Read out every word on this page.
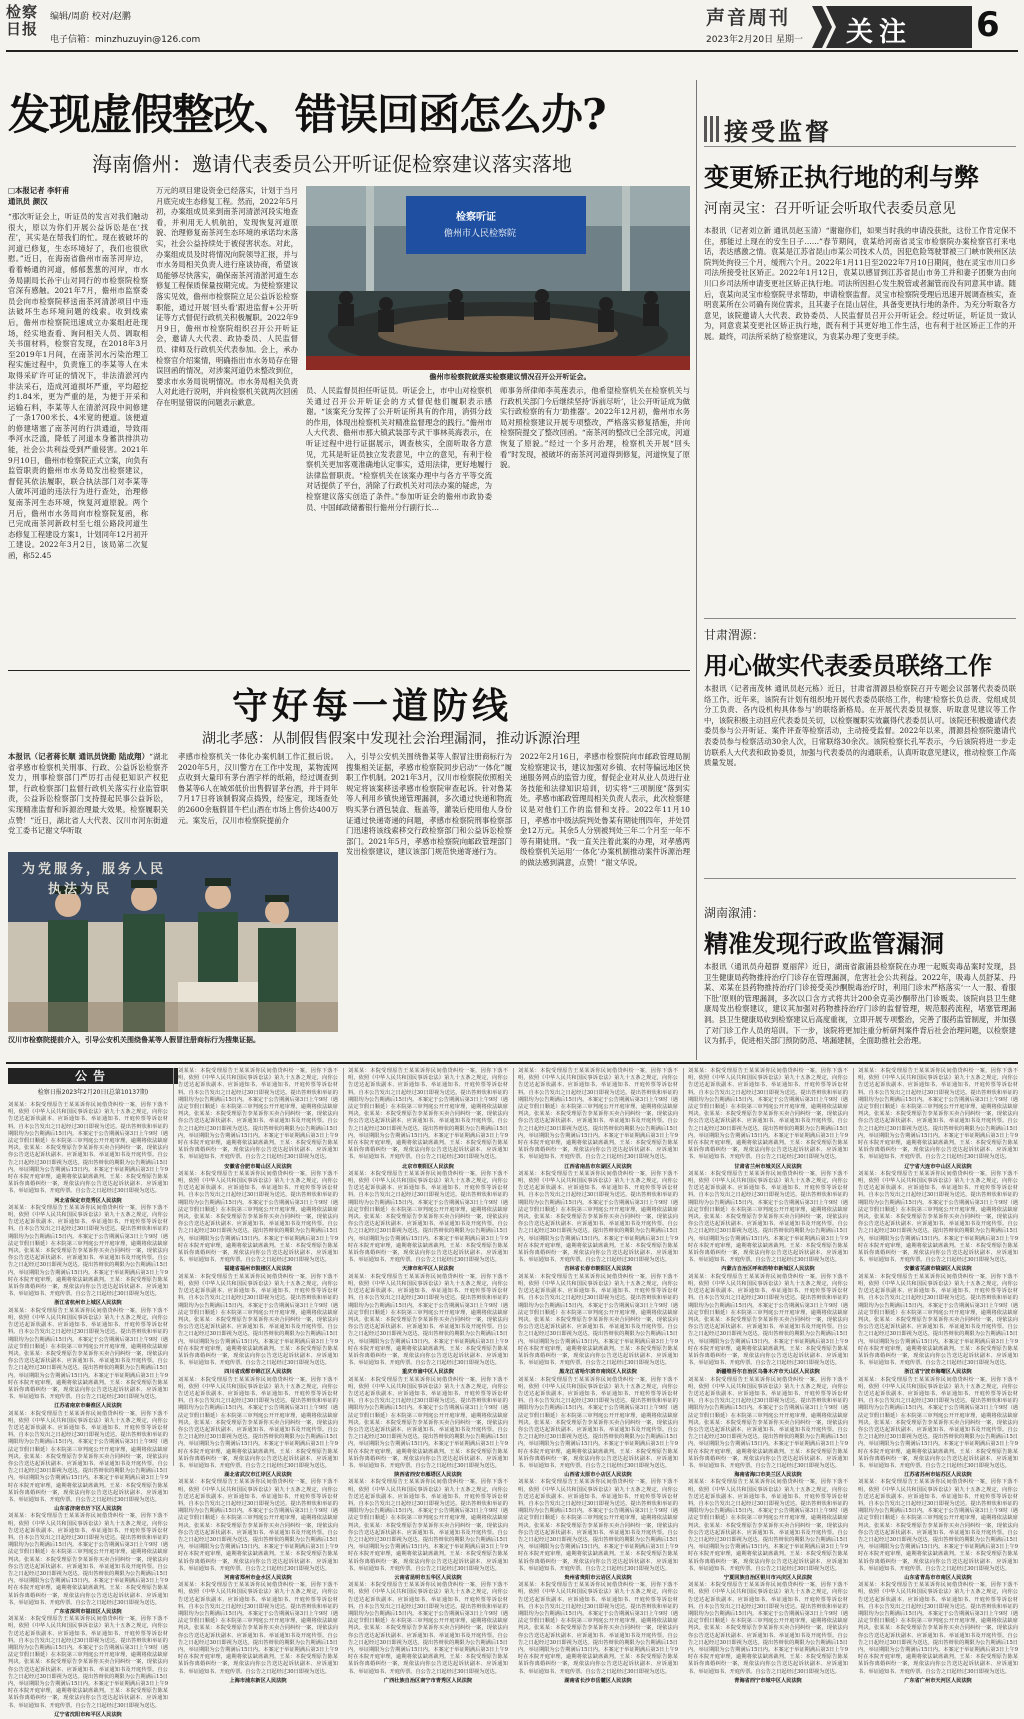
检察日报
编辑/周蔚 校对/赵鹏
电子信箱：minzhuzuyin@126.com
声音周刊
2023年2月20日 星期一 关注 6
发现虚假整改、错误回函怎么办?
海南儋州：邀请代表委员公开听证促检察建议落实落地
□本报记者 李轩甫
通讯员 颜汉
“那次听证会上，听证员的发言对我们触动很大，原以为你们开展公益诉讼是在‘找茬’，其实是在帮我们的忙。现在被破坏的河道已修复，生态环境好了，我们也很欣慰。”近日，在海南省儋州市南茶河岸边，看着畅通的河道，郁郁葱葱的河岸，市水务局副局长孙宇山对同行的市检察院检察官深有感触。2021年7月，儋州市监察委员会向市检察院移送南茶河清淤项目中违法破坏生态环境问题的线索。收到线索后，儋州市检察院迅速成立办案组赶赴现场，经实地查看、询问相关人员、调取相关书面材料，检察官发现，在2018年3月至2019年1月间，在南茶河水污染治理工程实施过程中，负责施工的李某等人在未取得采矿许可证的情况下，非法清淤河内非法采石，造成河道损坏严重，平均超挖约1.84米，更为严重的是，为便于开采和运输石料，李某等人在清淤河段中间修建了一条1700米长、4米宽的便道。该便道的修建堵塞了南茶河的行洪通道，导致雨季河水泛滥，降低了河道本身蓄洪排洪功能，社会公共利益受到严重侵害。2021年9月10日，儋州市检察院正式立案，向负有监管职责的儋州市水务局发出检察建议，督促其依法履职，联合执法部门对李某等人破坏河道的违法行为进行查处，治理修复南茶河生态环境，恢复河道原貌。两个月后，儋州市水务局向市检察院复函，称已完成南茶河新政村至七组公路段河道生态修复工程建设方案1，计划同年12月初开工建设。2022年3月2日，该局第二次复函，称52.45
万元的项目建设资金已经落实，计划于当月月底完成生态修复工程。然而，2022年5月初，办案组成员来到南茶河清淤河段实地查看，并利用无人机航拍，发现恢复河道原貌、治理修复南茶河生态环境的承诺均未落实，社会公益持续处于被侵害状态。对此，办案组成员及时将情况向院领导汇报，并与市水务局相关负责人进行座谈协商，希望该局能够尽快落实，确保南茶河清淤河道生态修复工程保质保量按期完成。为使检察建议落实见效，儋州市检察院立足公益诉讼检察职能，通过开展‘回头看’跟进监督+公开听证等方式督促行政机关积极履职。2022年9月9日，儋州市检察院组织召开公开听证会，邀请人大代表、政协委员、人民监督员、律师及行政机关代表参加。会上，承办检察官介绍案情，明确指出市水务局存在错误回函的情况，对涉案河道仍未整改到位，要求市水务局说明情况。市水务局相关负责人对此进行说明，并向检察机关就两次回函存在明显错误的问题表示歉意。
检察听证
儋州市人民检察院
儋州市检察院就落实检察建议情况召开公开听证会。
员、人民监督员担任听证员。听证会上，市中山对检察机关通过召开公开听证会的方式督促他们履职表示感谢。“该案充分发挥了公开听证所具有的作用，消弭分歧的作用，体现出检察机关对精准监督理念的践行。”儋州市人大代表、儋州市那大镇武装部专武干事林英海表示，在听证过程中进行证据展示，调查核实，全面听取各方意见，尤其是听证员独立发表意见，中立的意见，有利于检察机关更加客观准确地认定事实，适用法律，更好地履行法律监督职责。“检察机关在该案办理中与各方平等交流对话提供了平台，消除了行政机关对司法办案的疑虑，为检察建议落实创造了条件。”参加听证会的儋州市政协委员、中国邮政储蓄银行儋州分行副行长…
师事务所律师李英莲表示，他希望检察机关在检察机关与行政机关部门今后继续坚持‘诉前尽听’，让公开听证成为做实行政检察的有力‘助推器’。2022年12月初，儋州市水务局对照检察建议开展专项整改，严格落实修复措施，并向检察院提交了整改回函。“南茶河的整改已全部完成，河道恢复了原貌。”经过一个多月治理，检察机关开展“回头看”时发现，被破坏的南茶河河道得到修复，河道恢复了原貌。
守好每一道防线
湖北孝感：从制假售假案中发现社会治理漏洞，推动诉源治理
本报讯（记者蒋长顺 通讯员饶勤 陆成翔）“湖北省孝感市检察机关刑事、行政、公益诉讼检察齐发力，刑事检察部门严厉打击侵犯知识产权犯罪，行政检察部门监督行政机关落实行业监管职责，公益诉讼检察部门支持提起民事公益诉讼，实现精准监督和诉源治理最大效果。检察履职关点赞！”近日，湖北省人大代表、汉川市河东街道党工委书记谢文华听取
孝感市检察机关一体化办案机制工作汇报后说。2020年5月，汉川警方在工作中发现，某物流网点收到大量印有茅台酒字样的纸箱，经过调查到鲁某等6人在城郊低价出售假冒茅台酒，并于同年7月17日将该制假窝点捣毁，经鉴定，现场查处的2600余瓶假冒牛栏山酒在市场上售价达400万元。案发后，汉川市检察院提前介
为党服务，服务人民
执法为民
汉川市检察院提前介入，引导公安机关围绕鲁某等人假冒注册商标行为搜集证据。
入，引导公安机关围绕鲁某等人假冒注册商标行为搜集相关证据，孝感市检察院同步启动“一体化”履职工作机制。2021年3月，汉川市检察院依照相关规定将该案移送孝感市检察院审查起诉。针对鲁某等人利用乡镇快递管理漏洞，多次通过快递和物流购买茅台酒包装盒、瓶盖等，灌装后使用他人身份证通过快递寄递的问题，孝感市检察院刑事检察部门迅速将该线索移交行政检察部门和公益诉讼检察部门。2021年5月，孝感市检察院向邮政管理部门发出检察建议，建议该部门规范快递寄递行为。
2022年2月16日，孝感市检察院向市邮政管理局制发检察建议书，建议加强对乡镇、农村等偏远地区快递服务网点的监管力度，督促企业对从业人员进行业务技能和法律知识培训，切实将“三项制度”落到实处。孝感市邮政管理局相关负责人表示，此次检察建议是对他们工作的监督和支持。2022年11月10日，孝感市中级法院判处鲁某有期徒刑四年，并处罚金12万元。其余5人分别被判处三年二个月至一年不等有期徒刑。“我一直关注着此案的办理，对孝感两级检察机关运用‘一体化’办案机制推动案件诉源治理的做法感到满意，点赞！”谢文华说。
接受监督
变更矫正执行地的利与弊
河南灵宝：召开听证会听取代表委员意见
本报讯（记者刘立新 通讯员赵玉清）“谢谢你们，如果当时我的申请没获批，这份工作肯定保不住，那能过上现在的安生日子……”春节期间，袁某给河南省灵宝市检察院办案检察官打来电话，表达感激之情。袁某是江苏省昆山市某公司技术人员，因犯危险驾驶罪被三门峡市陕州区法院判处拘役三个月，缓刑六个月。2022年1月11日至2022年7月10日期间，他在灵宝市川口乡司法所接受社区矫正。2022年1月12日，袁某以感冒到江苏省昆山市务工并和妻子团聚为由向川口乡司法所申请变更社区矫正执行地。司法所因担心发生脱管或者漏管而没有同意其申请。随后，袁某向灵宝市检察院寻求帮助，申请检察监督。灵宝市检察院受理后迅速开展调查核实，查明袁某所在公司确有岗位需求，且其妻子在昆山居住，具备变更执行地的条件。为充分听取各方意见，该院邀请人大代表、政协委员、人民监督员召开公开听证会。经过听证，听证员一致认为，同意袁某变更社区矫正执行地，既有利于其更好地工作生活，也有利于社区矫正工作的开展。最终，司法所采纳了检察建议，为袁某办理了变更手续。
甘肃渭源：
用心做实代表委员联络工作
本报讯（记者南茂林 通讯员赵元栋）近日，甘肃省渭源县检察院召开专题会议部署代表委员联络工作。近年来，该院有计划有组织地开展代表委员联络工作，构建‘检察长负总责、党组成员分工负责、各内设机构具体参与’的联络新格局。在开展代表委员视察、听取意见建议等工作中，该院积极主动回应代表委员关切，以检察履职实效赢得代表委员认可。该院还积极邀请代表委员参与公开听证、案件评查等检察活动，主动接受监督。2022年以来，渭源县检察院邀请代表委员参与检察活动30余人次，日常联络30余次。该院检察长孔军表示，今后该院将进一步走访联系人大代表和政协委员，加强与代表委员的沟通联系，认真听取意见建议，推动检察工作高质量发展。
湖南溆浦：
精准发现行政监管漏洞
本报讯（通讯员舟超群 夏丽萍）近日，湖南省溆浦县检察院在办理一起贩卖毒品案时发现，县卫生健康局药物推持治疗门诊存在管理漏洞，危害社会公共利益。2022年，吸毒人员舒某、丹某、邓某在县药物推持治疗门诊接受美沙酮脱毒治疗时，利用门诊未严格落实‘一人一服、看服下肚’原则的管理漏洞，多次以口含方式将共计200余克美沙酮带出门诊贩卖。该院向县卫生健康局发出检察建议，建议其加强对药物推持治疗门诊的监督管理，规范服药流程，堵塞管理漏洞。县卫生健康局收到检察建议后高度重视，立即开展专项整治，完善了服药监管制度，并加强了对门诊工作人员的培训。下一步，该院将更加注重分析研判案件背后社会治理问题，以检察建议为抓手，促进相关部门预防防范、堵漏建制，全面助推社会治理。
公告
检察日报2023年2月20日(总第10137期)
刘某某：本院受理原告王某某诉你民间借贷纠纷一案，因你下落不明，依照《中华人民共和国民事诉讼法》第九十五条之规定，向你公告送达起诉状副本、应诉通知书、举证通知书、开庭传票等诉讼材料。自本公告发出之日起经过30日即视为送达。提出答辩状和举证的期限均为公告期满后15日内。本案定于公告期满后第3日上午9时（遇法定节假日顺延）在本院第三审判庭公开开庭审理，逾期将依法缺席判决。张某某：本院受理原告李某诉你买卖合同纠纷一案，现依法向你公告送达起诉状副本、应诉通知书、举证通知书及开庭传票。自公告之日起经过30日即视为送达。提出答辩状的期限为公告期满后15日内，举证期限为公告期满后15日内。本案定于举证期满后第3日上午9时在本院开庭审理，逾期将依法缺席裁判。王某：本院受理原告陈某某诉你离婚纠纷一案，现依法向你公告送达起诉状副本、应诉通知书、举证通知书、开庭传票。自公告之日起经过30日即视为送达。
河北省保定市竞秀区人民法院
刘某某：本院受理原告王某某诉你民间借贷纠纷一案，因你下落不明，依照《中华人民共和国民事诉讼法》第九十五条之规定，向你公告送达起诉状副本、应诉通知书、举证通知书、开庭传票等诉讼材料。自本公告发出之日起经过30日即视为送达。提出答辩状和举证的期限均为公告期满后15日内。本案定于公告期满后第3日上午9时（遇法定节假日顺延）在本院第三审判庭公开开庭审理，逾期将依法缺席判决。张某某：本院受理原告李某诉你买卖合同纠纷一案，现依法向你公告送达起诉状副本、应诉通知书、举证通知书及开庭传票。自公告之日起经过30日即视为送达。提出答辩状的期限为公告期满后15日内，举证期限为公告期满后15日内。本案定于举证期满后第3日上午9时在本院开庭审理，逾期将依法缺席裁判。王某：本院受理原告陈某某诉你离婚纠纷一案，现依法向你公告送达起诉状副本、应诉通知书、举证通知书、开庭传票。自公告之日起经过30日即视为送达。
浙江省杭州市上城区人民法院
刘某某：本院受理原告王某某诉你民间借贷纠纷一案，因你下落不明，依照《中华人民共和国民事诉讼法》第九十五条之规定，向你公告送达起诉状副本、应诉通知书、举证通知书、开庭传票等诉讼材料。自本公告发出之日起经过30日即视为送达。提出答辩状和举证的期限均为公告期满后15日内。本案定于公告期满后第3日上午9时（遇法定节假日顺延）在本院第三审判庭公开开庭审理，逾期将依法缺席判决。张某某：本院受理原告李某诉你买卖合同纠纷一案，现依法向你公告送达起诉状副本、应诉通知书、举证通知书及开庭传票。自公告之日起经过30日即视为送达。提出答辩状的期限为公告期满后15日内，举证期限为公告期满后15日内。本案定于举证期满后第3日上午9时在本院开庭审理，逾期将依法缺席裁判。王某：本院受理原告陈某某诉你离婚纠纷一案，现依法向你公告送达起诉状副本、应诉通知书、举证通知书、开庭传票。自公告之日起经过30日即视为送达。
江苏省南京市秦淮区人民法院
刘某某：本院受理原告王某某诉你民间借贷纠纷一案，因你下落不明，依照《中华人民共和国民事诉讼法》第九十五条之规定，向你公告送达起诉状副本、应诉通知书、举证通知书、开庭传票等诉讼材料。自本公告发出之日起经过30日即视为送达。提出答辩状和举证的期限均为公告期满后15日内。本案定于公告期满后第3日上午9时（遇法定节假日顺延）在本院第三审判庭公开开庭审理，逾期将依法缺席判决。张某某：本院受理原告李某诉你买卖合同纠纷一案，现依法向你公告送达起诉状副本、应诉通知书、举证通知书及开庭传票。自公告之日起经过30日即视为送达。提出答辩状的期限为公告期满后15日内，举证期限为公告期满后15日内。本案定于举证期满后第3日上午9时在本院开庭审理，逾期将依法缺席裁判。王某：本院受理原告陈某某诉你离婚纠纷一案，现依法向你公告送达起诉状副本、应诉通知书、举证通知书、开庭传票。自公告之日起经过30日即视为送达。
山东省济南市历下区人民法院
刘某某：本院受理原告王某某诉你民间借贷纠纷一案，因你下落不明，依照《中华人民共和国民事诉讼法》第九十五条之规定，向你公告送达起诉状副本、应诉通知书、举证通知书、开庭传票等诉讼材料。自本公告发出之日起经过30日即视为送达。提出答辩状和举证的期限均为公告期满后15日内。本案定于公告期满后第3日上午9时（遇法定节假日顺延）在本院第三审判庭公开开庭审理，逾期将依法缺席判决。张某某：本院受理原告李某诉你买卖合同纠纷一案，现依法向你公告送达起诉状副本、应诉通知书、举证通知书及开庭传票。自公告之日起经过30日即视为送达。提出答辩状的期限为公告期满后15日内，举证期限为公告期满后15日内。本案定于举证期满后第3日上午9时在本院开庭审理，逾期将依法缺席裁判。王某：本院受理原告陈某某诉你离婚纠纷一案，现依法向你公告送达起诉状副本、应诉通知书、举证通知书、开庭传票。自公告之日起经过30日即视为送达。
广东省深圳市福田区人民法院
刘某某：本院受理原告王某某诉你民间借贷纠纷一案，因你下落不明，依照《中华人民共和国民事诉讼法》第九十五条之规定，向你公告送达起诉状副本、应诉通知书、举证通知书、开庭传票等诉讼材料。自本公告发出之日起经过30日即视为送达。提出答辩状和举证的期限均为公告期满后15日内。本案定于公告期满后第3日上午9时（遇法定节假日顺延）在本院第三审判庭公开开庭审理，逾期将依法缺席判决。张某某：本院受理原告李某诉你买卖合同纠纷一案，现依法向你公告送达起诉状副本、应诉通知书、举证通知书及开庭传票。自公告之日起经过30日即视为送达。提出答辩状的期限为公告期满后15日内，举证期限为公告期满后15日内。本案定于举证期满后第3日上午9时在本院开庭审理，逾期将依法缺席裁判。王某：本院受理原告陈某某诉你离婚纠纷一案，现依法向你公告送达起诉状副本、应诉通知书、举证通知书、开庭传票。自公告之日起经过30日即视为送达。
辽宁省沈阳市和平区人民法院
刘某某：本院受理原告王某某诉你民间借贷纠纷一案，因你下落不明，依照《中华人民共和国民事诉讼法》第九十五条之规定，向你公告送达起诉状副本、应诉通知书、举证通知书、开庭传票等诉讼材料。自本公告发出之日起经过30日即视为送达。提出答辩状和举证的期限均为公告期满后15日内。本案定于公告期满后第3日上午9时（遇法定节假日顺延）在本院第三审判庭公开开庭审理，逾期将依法缺席判决。张某某：本院受理原告李某诉你买卖合同纠纷一案，现依法向你公告送达起诉状副本、应诉通知书、举证通知书及开庭传票。自公告之日起经过30日即视为送达。提出答辩状的期限为公告期满后15日内，举证期限为公告期满后15日内。本案定于举证期满后第3日上午9时在本院开庭审理，逾期将依法缺席裁判。王某：本院受理原告陈某某诉你离婚纠纷一案，现依法向你公告送达起诉状副本、应诉通知书、举证通知书、开庭传票。自公告之日起经过30日即视为送达。
安徽省合肥市蜀山区人民法院
刘某某：本院受理原告王某某诉你民间借贷纠纷一案，因你下落不明，依照《中华人民共和国民事诉讼法》第九十五条之规定，向你公告送达起诉状副本、应诉通知书、举证通知书、开庭传票等诉讼材料。自本公告发出之日起经过30日即视为送达。提出答辩状和举证的期限均为公告期满后15日内。本案定于公告期满后第3日上午9时（遇法定节假日顺延）在本院第三审判庭公开开庭审理，逾期将依法缺席判决。张某某：本院受理原告李某诉你买卖合同纠纷一案，现依法向你公告送达起诉状副本、应诉通知书、举证通知书及开庭传票。自公告之日起经过30日即视为送达。提出答辩状的期限为公告期满后15日内，举证期限为公告期满后15日内。本案定于举证期满后第3日上午9时在本院开庭审理，逾期将依法缺席裁判。王某：本院受理原告陈某某诉你离婚纠纷一案，现依法向你公告送达起诉状副本、应诉通知书、举证通知书、开庭传票。自公告之日起经过30日即视为送达。
福建省福州市鼓楼区人民法院
刘某某：本院受理原告王某某诉你民间借贷纠纷一案，因你下落不明，依照《中华人民共和国民事诉讼法》第九十五条之规定，向你公告送达起诉状副本、应诉通知书、举证通知书、开庭传票等诉讼材料。自本公告发出之日起经过30日即视为送达。提出答辩状和举证的期限均为公告期满后15日内。本案定于公告期满后第3日上午9时（遇法定节假日顺延）在本院第三审判庭公开开庭审理，逾期将依法缺席判决。张某某：本院受理原告李某诉你买卖合同纠纷一案，现依法向你公告送达起诉状副本、应诉通知书、举证通知书及开庭传票。自公告之日起经过30日即视为送达。提出答辩状的期限为公告期满后15日内，举证期限为公告期满后15日内。本案定于举证期满后第3日上午9时在本院开庭审理，逾期将依法缺席裁判。王某：本院受理原告陈某某诉你离婚纠纷一案，现依法向你公告送达起诉状副本、应诉通知书、举证通知书、开庭传票。自公告之日起经过30日即视为送达。
四川省成都市锦江区人民法院
刘某某：本院受理原告王某某诉你民间借贷纠纷一案，因你下落不明，依照《中华人民共和国民事诉讼法》第九十五条之规定，向你公告送达起诉状副本、应诉通知书、举证通知书、开庭传票等诉讼材料。自本公告发出之日起经过30日即视为送达。提出答辩状和举证的期限均为公告期满后15日内。本案定于公告期满后第3日上午9时（遇法定节假日顺延）在本院第三审判庭公开开庭审理，逾期将依法缺席判决。张某某：本院受理原告李某诉你买卖合同纠纷一案，现依法向你公告送达起诉状副本、应诉通知书、举证通知书及开庭传票。自公告之日起经过30日即视为送达。提出答辩状的期限为公告期满后15日内，举证期限为公告期满后15日内。本案定于举证期满后第3日上午9时在本院开庭审理，逾期将依法缺席裁判。王某：本院受理原告陈某某诉你离婚纠纷一案，现依法向你公告送达起诉状副本、应诉通知书、举证通知书、开庭传票。自公告之日起经过30日即视为送达。
湖北省武汉市江岸区人民法院
刘某某：本院受理原告王某某诉你民间借贷纠纷一案，因你下落不明，依照《中华人民共和国民事诉讼法》第九十五条之规定，向你公告送达起诉状副本、应诉通知书、举证通知书、开庭传票等诉讼材料。自本公告发出之日起经过30日即视为送达。提出答辩状和举证的期限均为公告期满后15日内。本案定于公告期满后第3日上午9时（遇法定节假日顺延）在本院第三审判庭公开开庭审理，逾期将依法缺席判决。张某某：本院受理原告李某诉你买卖合同纠纷一案，现依法向你公告送达起诉状副本、应诉通知书、举证通知书及开庭传票。自公告之日起经过30日即视为送达。提出答辩状的期限为公告期满后15日内，举证期限为公告期满后15日内。本案定于举证期满后第3日上午9时在本院开庭审理，逾期将依法缺席裁判。王某：本院受理原告陈某某诉你离婚纠纷一案，现依法向你公告送达起诉状副本、应诉通知书、举证通知书、开庭传票。自公告之日起经过30日即视为送达。
河南省郑州市金水区人民法院
刘某某：本院受理原告王某某诉你民间借贷纠纷一案，因你下落不明，依照《中华人民共和国民事诉讼法》第九十五条之规定，向你公告送达起诉状副本、应诉通知书、举证通知书、开庭传票等诉讼材料。自本公告发出之日起经过30日即视为送达。提出答辩状和举证的期限均为公告期满后15日内。本案定于公告期满后第3日上午9时（遇法定节假日顺延）在本院第三审判庭公开开庭审理，逾期将依法缺席判决。张某某：本院受理原告李某诉你买卖合同纠纷一案，现依法向你公告送达起诉状副本、应诉通知书、举证通知书及开庭传票。自公告之日起经过30日即视为送达。提出答辩状的期限为公告期满后15日内，举证期限为公告期满后15日内。本案定于举证期满后第3日上午9时在本院开庭审理，逾期将依法缺席裁判。王某：本院受理原告陈某某诉你离婚纠纷一案，现依法向你公告送达起诉状副本、应诉通知书、举证通知书、开庭传票。自公告之日起经过30日即视为送达。
上海市浦东新区人民法院
刘某某：本院受理原告王某某诉你民间借贷纠纷一案，因你下落不明，依照《中华人民共和国民事诉讼法》第九十五条之规定，向你公告送达起诉状副本、应诉通知书、举证通知书、开庭传票等诉讼材料。自本公告发出之日起经过30日即视为送达。提出答辩状和举证的期限均为公告期满后15日内。本案定于公告期满后第3日上午9时（遇法定节假日顺延）在本院第三审判庭公开开庭审理，逾期将依法缺席判决。张某某：本院受理原告李某诉你买卖合同纠纷一案，现依法向你公告送达起诉状副本、应诉通知书、举证通知书及开庭传票。自公告之日起经过30日即视为送达。提出答辩状的期限为公告期满后15日内，举证期限为公告期满后15日内。本案定于举证期满后第3日上午9时在本院开庭审理，逾期将依法缺席裁判。王某：本院受理原告陈某某诉你离婚纠纷一案，现依法向你公告送达起诉状副本、应诉通知书、举证通知书、开庭传票。自公告之日起经过30日即视为送达。
北京市朝阳区人民法院
刘某某：本院受理原告王某某诉你民间借贷纠纷一案，因你下落不明，依照《中华人民共和国民事诉讼法》第九十五条之规定，向你公告送达起诉状副本、应诉通知书、举证通知书、开庭传票等诉讼材料。自本公告发出之日起经过30日即视为送达。提出答辩状和举证的期限均为公告期满后15日内。本案定于公告期满后第3日上午9时（遇法定节假日顺延）在本院第三审判庭公开开庭审理，逾期将依法缺席判决。张某某：本院受理原告李某诉你买卖合同纠纷一案，现依法向你公告送达起诉状副本、应诉通知书、举证通知书及开庭传票。自公告之日起经过30日即视为送达。提出答辩状的期限为公告期满后15日内，举证期限为公告期满后15日内。本案定于举证期满后第3日上午9时在本院开庭审理，逾期将依法缺席裁判。王某：本院受理原告陈某某诉你离婚纠纷一案，现依法向你公告送达起诉状副本、应诉通知书、举证通知书、开庭传票。自公告之日起经过30日即视为送达。
天津市和平区人民法院
刘某某：本院受理原告王某某诉你民间借贷纠纷一案，因你下落不明，依照《中华人民共和国民事诉讼法》第九十五条之规定，向你公告送达起诉状副本、应诉通知书、举证通知书、开庭传票等诉讼材料。自本公告发出之日起经过30日即视为送达。提出答辩状和举证的期限均为公告期满后15日内。本案定于公告期满后第3日上午9时（遇法定节假日顺延）在本院第三审判庭公开开庭审理，逾期将依法缺席判决。张某某：本院受理原告李某诉你买卖合同纠纷一案，现依法向你公告送达起诉状副本、应诉通知书、举证通知书及开庭传票。自公告之日起经过30日即视为送达。提出答辩状的期限为公告期满后15日内，举证期限为公告期满后15日内。本案定于举证期满后第3日上午9时在本院开庭审理，逾期将依法缺席裁判。王某：本院受理原告陈某某诉你离婚纠纷一案，现依法向你公告送达起诉状副本、应诉通知书、举证通知书、开庭传票。自公告之日起经过30日即视为送达。
重庆市渝中区人民法院
刘某某：本院受理原告王某某诉你民间借贷纠纷一案，因你下落不明，依照《中华人民共和国民事诉讼法》第九十五条之规定，向你公告送达起诉状副本、应诉通知书、举证通知书、开庭传票等诉讼材料。自本公告发出之日起经过30日即视为送达。提出答辩状和举证的期限均为公告期满后15日内。本案定于公告期满后第3日上午9时（遇法定节假日顺延）在本院第三审判庭公开开庭审理，逾期将依法缺席判决。张某某：本院受理原告李某诉你买卖合同纠纷一案，现依法向你公告送达起诉状副本、应诉通知书、举证通知书及开庭传票。自公告之日起经过30日即视为送达。提出答辩状的期限为公告期满后15日内，举证期限为公告期满后15日内。本案定于举证期满后第3日上午9时在本院开庭审理，逾期将依法缺席裁判。王某：本院受理原告陈某某诉你离婚纠纷一案，现依法向你公告送达起诉状副本、应诉通知书、举证通知书、开庭传票。自公告之日起经过30日即视为送达。
陕西省西安市雁塔区人民法院
刘某某：本院受理原告王某某诉你民间借贷纠纷一案，因你下落不明，依照《中华人民共和国民事诉讼法》第九十五条之规定，向你公告送达起诉状副本、应诉通知书、举证通知书、开庭传票等诉讼材料。自本公告发出之日起经过30日即视为送达。提出答辩状和举证的期限均为公告期满后15日内。本案定于公告期满后第3日上午9时（遇法定节假日顺延）在本院第三审判庭公开开庭审理，逾期将依法缺席判决。张某某：本院受理原告李某诉你买卖合同纠纷一案，现依法向你公告送达起诉状副本、应诉通知书、举证通知书及开庭传票。自公告之日起经过30日即视为送达。提出答辩状的期限为公告期满后15日内，举证期限为公告期满后15日内。本案定于举证期满后第3日上午9时在本院开庭审理，逾期将依法缺席裁判。王某：本院受理原告陈某某诉你离婚纠纷一案，现依法向你公告送达起诉状副本、应诉通知书、举证通知书、开庭传票。自公告之日起经过30日即视为送达。
云南省昆明市五华区人民法院
刘某某：本院受理原告王某某诉你民间借贷纠纷一案，因你下落不明，依照《中华人民共和国民事诉讼法》第九十五条之规定，向你公告送达起诉状副本、应诉通知书、举证通知书、开庭传票等诉讼材料。自本公告发出之日起经过30日即视为送达。提出答辩状和举证的期限均为公告期满后15日内。本案定于公告期满后第3日上午9时（遇法定节假日顺延）在本院第三审判庭公开开庭审理，逾期将依法缺席判决。张某某：本院受理原告李某诉你买卖合同纠纷一案，现依法向你公告送达起诉状副本、应诉通知书、举证通知书及开庭传票。自公告之日起经过30日即视为送达。提出答辩状的期限为公告期满后15日内，举证期限为公告期满后15日内。本案定于举证期满后第3日上午9时在本院开庭审理，逾期将依法缺席裁判。王某：本院受理原告陈某某诉你离婚纠纷一案，现依法向你公告送达起诉状副本、应诉通知书、举证通知书、开庭传票。自公告之日起经过30日即视为送达。
广西壮族自治区南宁市青秀区人民法院
刘某某：本院受理原告王某某诉你民间借贷纠纷一案，因你下落不明，依照《中华人民共和国民事诉讼法》第九十五条之规定，向你公告送达起诉状副本、应诉通知书、举证通知书、开庭传票等诉讼材料。自本公告发出之日起经过30日即视为送达。提出答辩状和举证的期限均为公告期满后15日内。本案定于公告期满后第3日上午9时（遇法定节假日顺延）在本院第三审判庭公开开庭审理，逾期将依法缺席判决。张某某：本院受理原告李某诉你买卖合同纠纷一案，现依法向你公告送达起诉状副本、应诉通知书、举证通知书及开庭传票。自公告之日起经过30日即视为送达。提出答辩状的期限为公告期满后15日内，举证期限为公告期满后15日内。本案定于举证期满后第3日上午9时在本院开庭审理，逾期将依法缺席裁判。王某：本院受理原告陈某某诉你离婚纠纷一案，现依法向你公告送达起诉状副本、应诉通知书、举证通知书、开庭传票。自公告之日起经过30日即视为送达。
江西省南昌市东湖区人民法院
刘某某：本院受理原告王某某诉你民间借贷纠纷一案，因你下落不明，依照《中华人民共和国民事诉讼法》第九十五条之规定，向你公告送达起诉状副本、应诉通知书、举证通知书、开庭传票等诉讼材料。自本公告发出之日起经过30日即视为送达。提出答辩状和举证的期限均为公告期满后15日内。本案定于公告期满后第3日上午9时（遇法定节假日顺延）在本院第三审判庭公开开庭审理，逾期将依法缺席判决。张某某：本院受理原告李某诉你买卖合同纠纷一案，现依法向你公告送达起诉状副本、应诉通知书、举证通知书及开庭传票。自公告之日起经过30日即视为送达。提出答辩状的期限为公告期满后15日内，举证期限为公告期满后15日内。本案定于举证期满后第3日上午9时在本院开庭审理，逾期将依法缺席裁判。王某：本院受理原告陈某某诉你离婚纠纷一案，现依法向你公告送达起诉状副本、应诉通知书、举证通知书、开庭传票。自公告之日起经过30日即视为送达。
吉林省长春市朝阳区人民法院
刘某某：本院受理原告王某某诉你民间借贷纠纷一案，因你下落不明，依照《中华人民共和国民事诉讼法》第九十五条之规定，向你公告送达起诉状副本、应诉通知书、举证通知书、开庭传票等诉讼材料。自本公告发出之日起经过30日即视为送达。提出答辩状和举证的期限均为公告期满后15日内。本案定于公告期满后第3日上午9时（遇法定节假日顺延）在本院第三审判庭公开开庭审理，逾期将依法缺席判决。张某某：本院受理原告李某诉你买卖合同纠纷一案，现依法向你公告送达起诉状副本、应诉通知书、举证通知书及开庭传票。自公告之日起经过30日即视为送达。提出答辩状的期限为公告期满后15日内，举证期限为公告期满后15日内。本案定于举证期满后第3日上午9时在本院开庭审理，逾期将依法缺席裁判。王某：本院受理原告陈某某诉你离婚纠纷一案，现依法向你公告送达起诉状副本、应诉通知书、举证通知书、开庭传票。自公告之日起经过30日即视为送达。
黑龙江省哈尔滨市南岗区人民法院
刘某某：本院受理原告王某某诉你民间借贷纠纷一案，因你下落不明，依照《中华人民共和国民事诉讼法》第九十五条之规定，向你公告送达起诉状副本、应诉通知书、举证通知书、开庭传票等诉讼材料。自本公告发出之日起经过30日即视为送达。提出答辩状和举证的期限均为公告期满后15日内。本案定于公告期满后第3日上午9时（遇法定节假日顺延）在本院第三审判庭公开开庭审理，逾期将依法缺席判决。张某某：本院受理原告李某诉你买卖合同纠纷一案，现依法向你公告送达起诉状副本、应诉通知书、举证通知书及开庭传票。自公告之日起经过30日即视为送达。提出答辩状的期限为公告期满后15日内，举证期限为公告期满后15日内。本案定于举证期满后第3日上午9时在本院开庭审理，逾期将依法缺席裁判。王某：本院受理原告陈某某诉你离婚纠纷一案，现依法向你公告送达起诉状副本、应诉通知书、举证通知书、开庭传票。自公告之日起经过30日即视为送达。
山西省太原市小店区人民法院
刘某某：本院受理原告王某某诉你民间借贷纠纷一案，因你下落不明，依照《中华人民共和国民事诉讼法》第九十五条之规定，向你公告送达起诉状副本、应诉通知书、举证通知书、开庭传票等诉讼材料。自本公告发出之日起经过30日即视为送达。提出答辩状和举证的期限均为公告期满后15日内。本案定于公告期满后第3日上午9时（遇法定节假日顺延）在本院第三审判庭公开开庭审理，逾期将依法缺席判决。张某某：本院受理原告李某诉你买卖合同纠纷一案，现依法向你公告送达起诉状副本、应诉通知书、举证通知书及开庭传票。自公告之日起经过30日即视为送达。提出答辩状的期限为公告期满后15日内，举证期限为公告期满后15日内。本案定于举证期满后第3日上午9时在本院开庭审理，逾期将依法缺席裁判。王某：本院受理原告陈某某诉你离婚纠纷一案，现依法向你公告送达起诉状副本、应诉通知书、举证通知书、开庭传票。自公告之日起经过30日即视为送达。
贵州省贵阳市云岩区人民法院
刘某某：本院受理原告王某某诉你民间借贷纠纷一案，因你下落不明，依照《中华人民共和国民事诉讼法》第九十五条之规定，向你公告送达起诉状副本、应诉通知书、举证通知书、开庭传票等诉讼材料。自本公告发出之日起经过30日即视为送达。提出答辩状和举证的期限均为公告期满后15日内。本案定于公告期满后第3日上午9时（遇法定节假日顺延）在本院第三审判庭公开开庭审理，逾期将依法缺席判决。张某某：本院受理原告李某诉你买卖合同纠纷一案，现依法向你公告送达起诉状副本、应诉通知书、举证通知书及开庭传票。自公告之日起经过30日即视为送达。提出答辩状的期限为公告期满后15日内，举证期限为公告期满后15日内。本案定于举证期满后第3日上午9时在本院开庭审理，逾期将依法缺席裁判。王某：本院受理原告陈某某诉你离婚纠纷一案，现依法向你公告送达起诉状副本、应诉通知书、举证通知书、开庭传票。自公告之日起经过30日即视为送达。
湖南省长沙市岳麓区人民法院
刘某某：本院受理原告王某某诉你民间借贷纠纷一案，因你下落不明，依照《中华人民共和国民事诉讼法》第九十五条之规定，向你公告送达起诉状副本、应诉通知书、举证通知书、开庭传票等诉讼材料。自本公告发出之日起经过30日即视为送达。提出答辩状和举证的期限均为公告期满后15日内。本案定于公告期满后第3日上午9时（遇法定节假日顺延）在本院第三审判庭公开开庭审理，逾期将依法缺席判决。张某某：本院受理原告李某诉你买卖合同纠纷一案，现依法向你公告送达起诉状副本、应诉通知书、举证通知书及开庭传票。自公告之日起经过30日即视为送达。提出答辩状的期限为公告期满后15日内，举证期限为公告期满后15日内。本案定于举证期满后第3日上午9时在本院开庭审理，逾期将依法缺席裁判。王某：本院受理原告陈某某诉你离婚纠纷一案，现依法向你公告送达起诉状副本、应诉通知书、举证通知书、开庭传票。自公告之日起经过30日即视为送达。
甘肃省兰州市城关区人民法院
刘某某：本院受理原告王某某诉你民间借贷纠纷一案，因你下落不明，依照《中华人民共和国民事诉讼法》第九十五条之规定，向你公告送达起诉状副本、应诉通知书、举证通知书、开庭传票等诉讼材料。自本公告发出之日起经过30日即视为送达。提出答辩状和举证的期限均为公告期满后15日内。本案定于公告期满后第3日上午9时（遇法定节假日顺延）在本院第三审判庭公开开庭审理，逾期将依法缺席判决。张某某：本院受理原告李某诉你买卖合同纠纷一案，现依法向你公告送达起诉状副本、应诉通知书、举证通知书及开庭传票。自公告之日起经过30日即视为送达。提出答辩状的期限为公告期满后15日内，举证期限为公告期满后15日内。本案定于举证期满后第3日上午9时在本院开庭审理，逾期将依法缺席裁判。王某：本院受理原告陈某某诉你离婚纠纷一案，现依法向你公告送达起诉状副本、应诉通知书、举证通知书、开庭传票。自公告之日起经过30日即视为送达。
内蒙古自治区呼和浩特市新城区人民法院
刘某某：本院受理原告王某某诉你民间借贷纠纷一案，因你下落不明，依照《中华人民共和国民事诉讼法》第九十五条之规定，向你公告送达起诉状副本、应诉通知书、举证通知书、开庭传票等诉讼材料。自本公告发出之日起经过30日即视为送达。提出答辩状和举证的期限均为公告期满后15日内。本案定于公告期满后第3日上午9时（遇法定节假日顺延）在本院第三审判庭公开开庭审理，逾期将依法缺席判决。张某某：本院受理原告李某诉你买卖合同纠纷一案，现依法向你公告送达起诉状副本、应诉通知书、举证通知书及开庭传票。自公告之日起经过30日即视为送达。提出答辩状的期限为公告期满后15日内，举证期限为公告期满后15日内。本案定于举证期满后第3日上午9时在本院开庭审理，逾期将依法缺席裁判。王某：本院受理原告陈某某诉你离婚纠纷一案，现依法向你公告送达起诉状副本、应诉通知书、举证通知书、开庭传票。自公告之日起经过30日即视为送达。
新疆维吾尔自治区乌鲁木齐市天山区人民法院
刘某某：本院受理原告王某某诉你民间借贷纠纷一案，因你下落不明，依照《中华人民共和国民事诉讼法》第九十五条之规定，向你公告送达起诉状副本、应诉通知书、举证通知书、开庭传票等诉讼材料。自本公告发出之日起经过30日即视为送达。提出答辩状和举证的期限均为公告期满后15日内。本案定于公告期满后第3日上午9时（遇法定节假日顺延）在本院第三审判庭公开开庭审理，逾期将依法缺席判决。张某某：本院受理原告李某诉你买卖合同纠纷一案，现依法向你公告送达起诉状副本、应诉通知书、举证通知书及开庭传票。自公告之日起经过30日即视为送达。提出答辩状的期限为公告期满后15日内，举证期限为公告期满后15日内。本案定于举证期满后第3日上午9时在本院开庭审理，逾期将依法缺席裁判。王某：本院受理原告陈某某诉你离婚纠纷一案，现依法向你公告送达起诉状副本、应诉通知书、举证通知书、开庭传票。自公告之日起经过30日即视为送达。
海南省海口市美兰区人民法院
刘某某：本院受理原告王某某诉你民间借贷纠纷一案，因你下落不明，依照《中华人民共和国民事诉讼法》第九十五条之规定，向你公告送达起诉状副本、应诉通知书、举证通知书、开庭传票等诉讼材料。自本公告发出之日起经过30日即视为送达。提出答辩状和举证的期限均为公告期满后15日内。本案定于公告期满后第3日上午9时（遇法定节假日顺延）在本院第三审判庭公开开庭审理，逾期将依法缺席判决。张某某：本院受理原告李某诉你买卖合同纠纷一案，现依法向你公告送达起诉状副本、应诉通知书、举证通知书及开庭传票。自公告之日起经过30日即视为送达。提出答辩状的期限为公告期满后15日内，举证期限为公告期满后15日内。本案定于举证期满后第3日上午9时在本院开庭审理，逾期将依法缺席裁判。王某：本院受理原告陈某某诉你离婚纠纷一案，现依法向你公告送达起诉状副本、应诉通知书、举证通知书、开庭传票。自公告之日起经过30日即视为送达。
宁夏回族自治区银川市兴庆区人民法院
刘某某：本院受理原告王某某诉你民间借贷纠纷一案，因你下落不明，依照《中华人民共和国民事诉讼法》第九十五条之规定，向你公告送达起诉状副本、应诉通知书、举证通知书、开庭传票等诉讼材料。自本公告发出之日起经过30日即视为送达。提出答辩状和举证的期限均为公告期满后15日内。本案定于公告期满后第3日上午9时（遇法定节假日顺延）在本院第三审判庭公开开庭审理，逾期将依法缺席判决。张某某：本院受理原告李某诉你买卖合同纠纷一案，现依法向你公告送达起诉状副本、应诉通知书、举证通知书及开庭传票。自公告之日起经过30日即视为送达。提出答辩状的期限为公告期满后15日内，举证期限为公告期满后15日内。本案定于举证期满后第3日上午9时在本院开庭审理，逾期将依法缺席裁判。王某：本院受理原告陈某某诉你离婚纠纷一案，现依法向你公告送达起诉状副本、应诉通知书、举证通知书、开庭传票。自公告之日起经过30日即视为送达。
青海省西宁市城中区人民法院
刘某某：本院受理原告王某某诉你民间借贷纠纷一案，因你下落不明，依照《中华人民共和国民事诉讼法》第九十五条之规定，向你公告送达起诉状副本、应诉通知书、举证通知书、开庭传票等诉讼材料。自本公告发出之日起经过30日即视为送达。提出答辩状和举证的期限均为公告期满后15日内。本案定于公告期满后第3日上午9时（遇法定节假日顺延）在本院第三审判庭公开开庭审理，逾期将依法缺席判决。张某某：本院受理原告李某诉你买卖合同纠纷一案，现依法向你公告送达起诉状副本、应诉通知书、举证通知书及开庭传票。自公告之日起经过30日即视为送达。提出答辩状的期限为公告期满后15日内，举证期限为公告期满后15日内。本案定于举证期满后第3日上午9时在本院开庭审理，逾期将依法缺席裁判。王某：本院受理原告陈某某诉你离婚纠纷一案，现依法向你公告送达起诉状副本、应诉通知书、举证通知书、开庭传票。自公告之日起经过30日即视为送达。
辽宁省大连市中山区人民法院
刘某某：本院受理原告王某某诉你民间借贷纠纷一案，因你下落不明，依照《中华人民共和国民事诉讼法》第九十五条之规定，向你公告送达起诉状副本、应诉通知书、举证通知书、开庭传票等诉讼材料。自本公告发出之日起经过30日即视为送达。提出答辩状和举证的期限均为公告期满后15日内。本案定于公告期满后第3日上午9时（遇法定节假日顺延）在本院第三审判庭公开开庭审理，逾期将依法缺席判决。张某某：本院受理原告李某诉你买卖合同纠纷一案，现依法向你公告送达起诉状副本、应诉通知书、举证通知书及开庭传票。自公告之日起经过30日即视为送达。提出答辩状的期限为公告期满后15日内，举证期限为公告期满后15日内。本案定于举证期满后第3日上午9时在本院开庭审理，逾期将依法缺席裁判。王某：本院受理原告陈某某诉你离婚纠纷一案，现依法向你公告送达起诉状副本、应诉通知书、举证通知书、开庭传票。自公告之日起经过30日即视为送达。
安徽省芜湖市镜湖区人民法院
刘某某：本院受理原告王某某诉你民间借贷纠纷一案，因你下落不明，依照《中华人民共和国民事诉讼法》第九十五条之规定，向你公告送达起诉状副本、应诉通知书、举证通知书、开庭传票等诉讼材料。自本公告发出之日起经过30日即视为送达。提出答辩状和举证的期限均为公告期满后15日内。本案定于公告期满后第3日上午9时（遇法定节假日顺延）在本院第三审判庭公开开庭审理，逾期将依法缺席判决。张某某：本院受理原告李某诉你买卖合同纠纷一案，现依法向你公告送达起诉状副本、应诉通知书、举证通知书及开庭传票。自公告之日起经过30日即视为送达。提出答辩状的期限为公告期满后15日内，举证期限为公告期满后15日内。本案定于举证期满后第3日上午9时在本院开庭审理，逾期将依法缺席裁判。王某：本院受理原告陈某某诉你离婚纠纷一案，现依法向你公告送达起诉状副本、应诉通知书、举证通知书、开庭传票。自公告之日起经过30日即视为送达。
浙江省宁波市海曙区人民法院
刘某某：本院受理原告王某某诉你民间借贷纠纷一案，因你下落不明，依照《中华人民共和国民事诉讼法》第九十五条之规定，向你公告送达起诉状副本、应诉通知书、举证通知书、开庭传票等诉讼材料。自本公告发出之日起经过30日即视为送达。提出答辩状和举证的期限均为公告期满后15日内。本案定于公告期满后第3日上午9时（遇法定节假日顺延）在本院第三审判庭公开开庭审理，逾期将依法缺席判决。张某某：本院受理原告李某诉你买卖合同纠纷一案，现依法向你公告送达起诉状副本、应诉通知书、举证通知书及开庭传票。自公告之日起经过30日即视为送达。提出答辩状的期限为公告期满后15日内，举证期限为公告期满后15日内。本案定于举证期满后第3日上午9时在本院开庭审理，逾期将依法缺席裁判。王某：本院受理原告陈某某诉你离婚纠纷一案，现依法向你公告送达起诉状副本、应诉通知书、举证通知书、开庭传票。自公告之日起经过30日即视为送达。
江苏省苏州市姑苏区人民法院
刘某某：本院受理原告王某某诉你民间借贷纠纷一案，因你下落不明，依照《中华人民共和国民事诉讼法》第九十五条之规定，向你公告送达起诉状副本、应诉通知书、举证通知书、开庭传票等诉讼材料。自本公告发出之日起经过30日即视为送达。提出答辩状和举证的期限均为公告期满后15日内。本案定于公告期满后第3日上午9时（遇法定节假日顺延）在本院第三审判庭公开开庭审理，逾期将依法缺席判决。张某某：本院受理原告李某诉你买卖合同纠纷一案，现依法向你公告送达起诉状副本、应诉通知书、举证通知书及开庭传票。自公告之日起经过30日即视为送达。提出答辩状的期限为公告期满后15日内，举证期限为公告期满后15日内。本案定于举证期满后第3日上午9时在本院开庭审理，逾期将依法缺席裁判。王某：本院受理原告陈某某诉你离婚纠纷一案，现依法向你公告送达起诉状副本、应诉通知书、举证通知书、开庭传票。自公告之日起经过30日即视为送达。
山东省青岛市市南区人民法院
刘某某：本院受理原告王某某诉你民间借贷纠纷一案，因你下落不明，依照《中华人民共和国民事诉讼法》第九十五条之规定，向你公告送达起诉状副本、应诉通知书、举证通知书、开庭传票等诉讼材料。自本公告发出之日起经过30日即视为送达。提出答辩状和举证的期限均为公告期满后15日内。本案定于公告期满后第3日上午9时（遇法定节假日顺延）在本院第三审判庭公开开庭审理，逾期将依法缺席判决。张某某：本院受理原告李某诉你买卖合同纠纷一案，现依法向你公告送达起诉状副本、应诉通知书、举证通知书及开庭传票。自公告之日起经过30日即视为送达。提出答辩状的期限为公告期满后15日内，举证期限为公告期满后15日内。本案定于举证期满后第3日上午9时在本院开庭审理，逾期将依法缺席裁判。王某：本院受理原告陈某某诉你离婚纠纷一案，现依法向你公告送达起诉状副本、应诉通知书、举证通知书、开庭传票。自公告之日起经过30日即视为送达。
广东省广州市天河区人民法院
